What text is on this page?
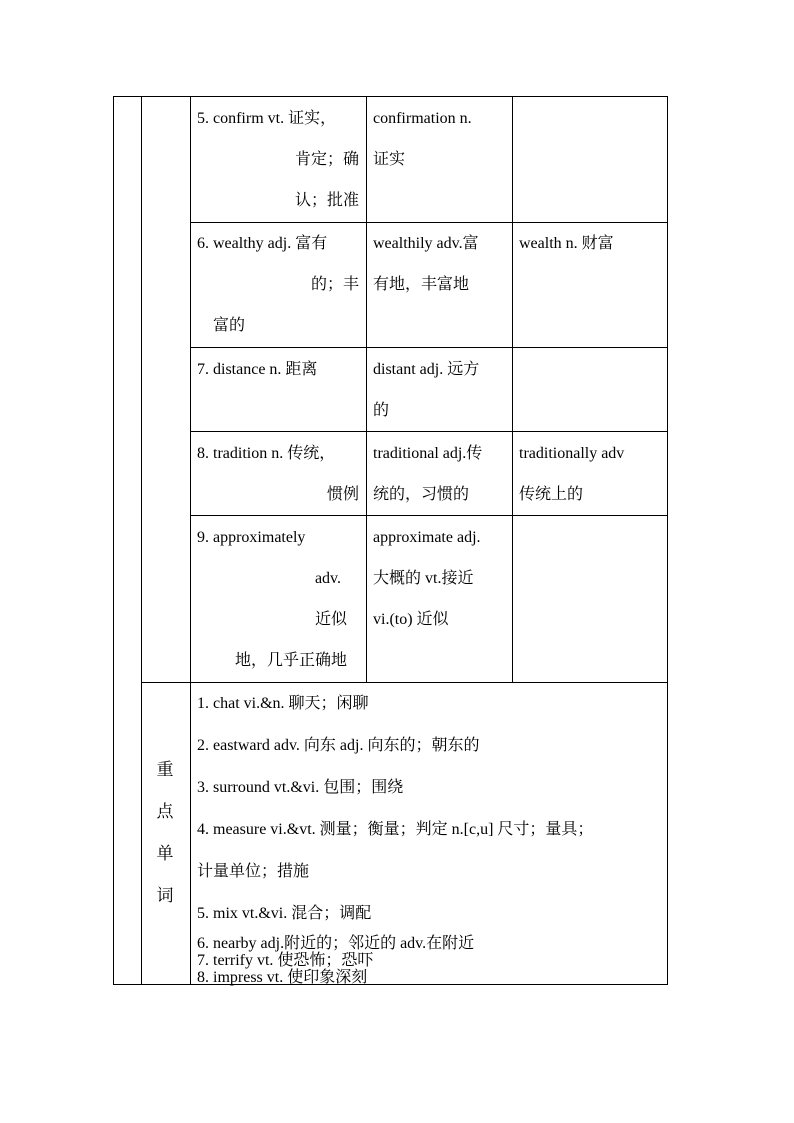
5. confirm vt. 证实，
肯定；确
认；批准
confirmation n.
证实
6. wealthy adj. 富有
的；丰
富的
wealthily adv.富
有地，丰富地
wealth n. 财富
7. distance n. 距离	distant adj. 远方
的
8. tradition n. 传统，
惯例
traditional adj.传
统的，习惯的
traditionally adv
传统上的
9. approximately
adv.
近似
地，几乎正确地
approximate adj.
大概的 vt.接近
vi.(to) 近似
重
点
单
词
1. chat vi.&n. 聊天；闲聊
2. eastward adv. 向东 adj. 向东的；朝东的
3. surround vt.&vi. 包围；围绕
4. measure vi.&vt. 测量；衡量；判定 n.[c,u] 尺寸；量具；
计量单位；措施
5. mix vt.&vi. 混合；调配
6. nearby adj.附近的；邻近的 adv.在附近
7. terrify vt. 使恐怖；恐吓
8. impress vt. 使印象深刻
